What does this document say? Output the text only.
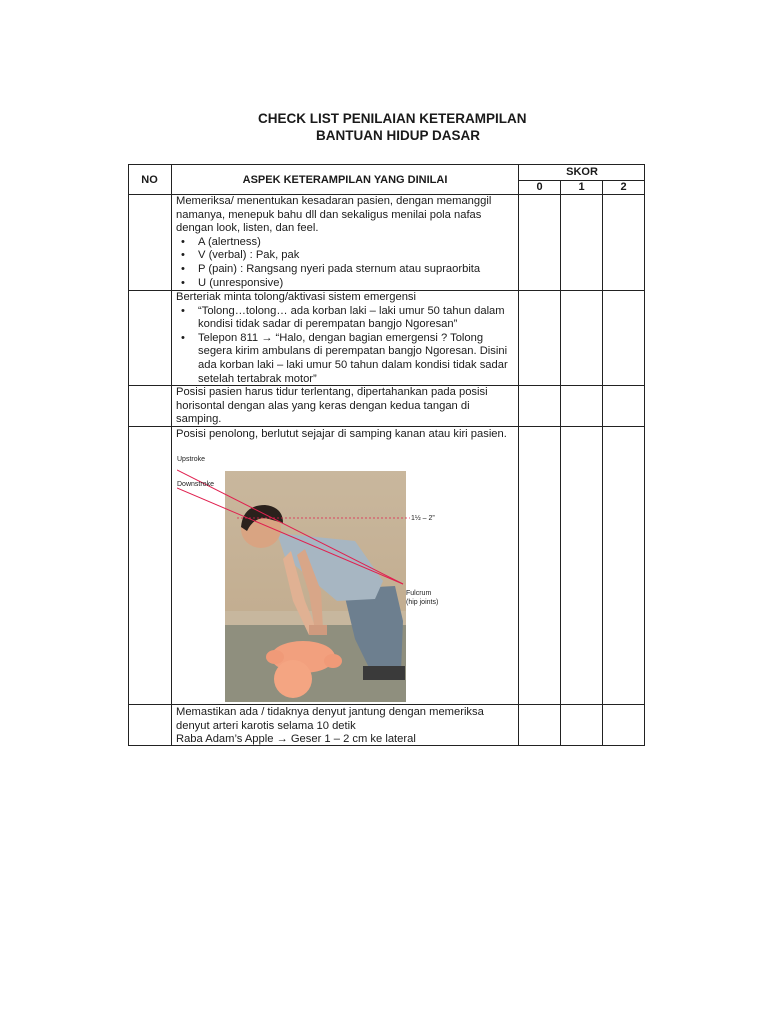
CHECK LIST PENILAIAN KETERAMPILAN
BANTUAN HIDUP DASAR
NO	ASPEK KETERAMPILAN YANG DINILAI
SKOR
0	1	2
Memeriksa/ menentukan kesadaran pasien, dengan memanggil namanya, menepuk bahu dll dan sekaligus menilai pola nafas dengan look, listen, dan feel.
• A (alertness)
• V (verbal) : Pak, pak
• P (pain) : Rangsang nyeri pada sternum atau supraorbita
• U (unresponsive)
Berteriak minta tolong/aktivasi sistem emergensi
• “Tolong…tolong… ada korban laki – laki umur 50 tahun dalam kondisi tidak sadar di perempatan bangjo Ngoresan”
• Telepon 811 → “Halo, dengan bagian emergensi ? Tolong segera kirim ambulans di perempatan bangjo Ngoresan. Disini ada korban laki – laki umur 50 tahun dalam kondisi tidak sadar setelah tertabrak motor”
Posisi pasien harus tidur terlentang, dipertahankan pada posisi horisontal dengan alas yang keras dengan kedua tangan di samping.
Posisi penolong, berlutut sejajar di samping kanan atau kiri pasien.
Upstroke
Downstroke
1½ – 2”
Fulcrum
(hip joints)
Memastikan ada / tidaknya denyut jantung dengan memeriksa denyut arteri karotis selama 10 detik
Raba Adam’s Apple → Geser 1 – 2 cm ke lateral
